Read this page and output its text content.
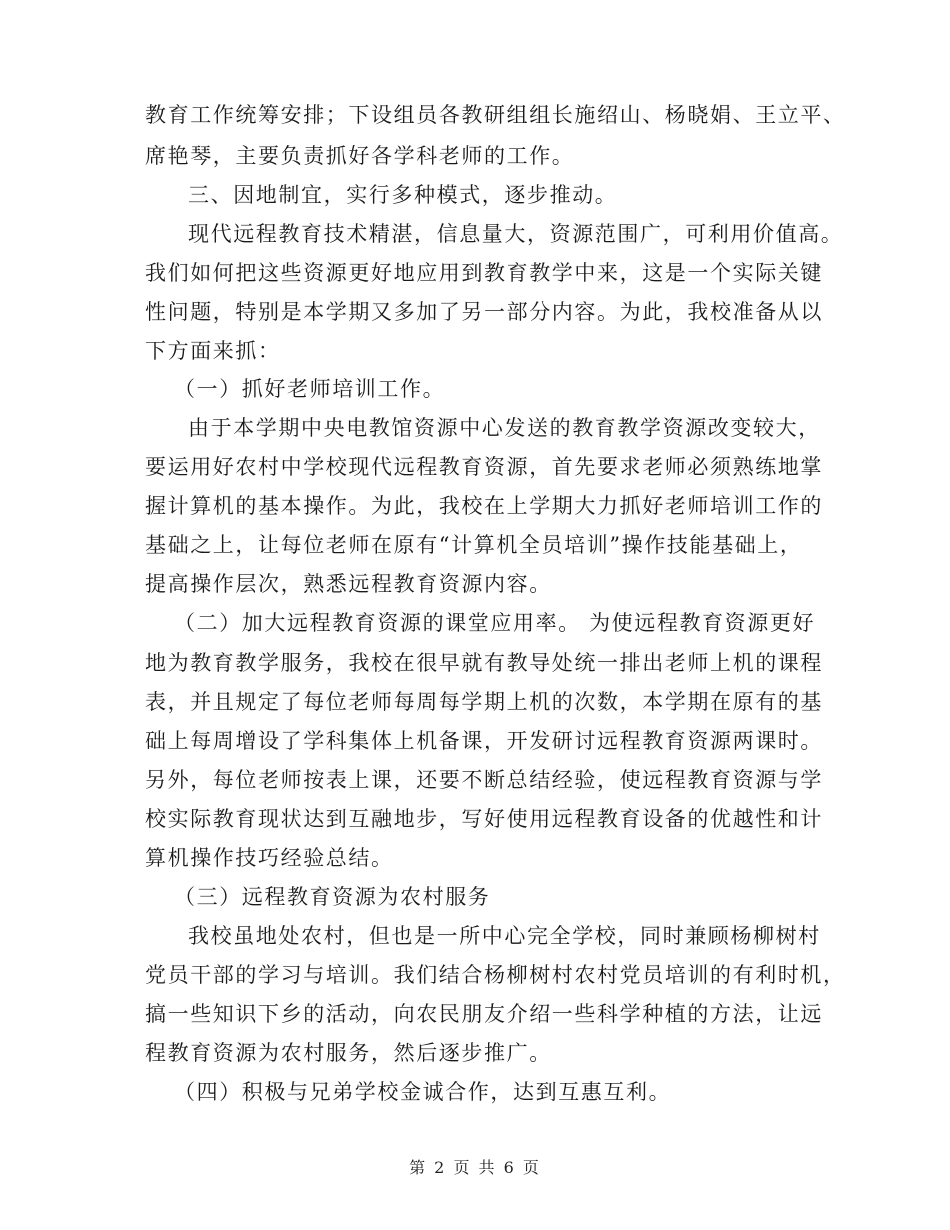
教育工作统筹安排；下设组员各教研组组长施绍山、杨晓娟、王立平、
席艳琴，主要负责抓好各学科老师的工作。
三、因地制宜，实行多种模式，逐步推动。
现代远程教育技术精湛，信息量大，资源范围广，可利用价值高。
我们如何把这些资源更好地应用到教育教学中来，这是一个实际关键
性问题，特别是本学期又多加了另一部分内容。为此，我校准备从以
下方面来抓：
（一）抓好老师培训工作。
由于本学期中央电教馆资源中心发送的教育教学资源改变较大，
要运用好农村中学校现代远程教育资源，首先要求老师必须熟练地掌
握计算机的基本操作。为此，我校在上学期大力抓好老师培训工作的
基础之上，让每位老师在原有“计算机全员培训”操作技能基础上，
提高操作层次，熟悉远程教育资源内容。
（二）加大远程教育资源的课堂应用率。 为使远程教育资源更好
地为教育教学服务，我校在很早就有教导处统一排出老师上机的课程
表，并且规定了每位老师每周每学期上机的次数，本学期在原有的基
础上每周增设了学科集体上机备课，开发研讨远程教育资源两课时。
另外，每位老师按表上课，还要不断总结经验，使远程教育资源与学
校实际教育现状达到互融地步，写好使用远程教育设备的优越性和计
算机操作技巧经验总结。
（三）远程教育资源为农村服务
我校虽地处农村，但也是一所中心完全学校，同时兼顾杨柳树村
党员干部的学习与培训。我们结合杨柳树村农村党员培训的有利时机，
搞一些知识下乡的活动，向农民朋友介绍一些科学种植的方法，让远
程教育资源为农村服务，然后逐步推广。
（四）积极与兄弟学校金诚合作，达到互惠互利。
第 2 页 共 6 页
